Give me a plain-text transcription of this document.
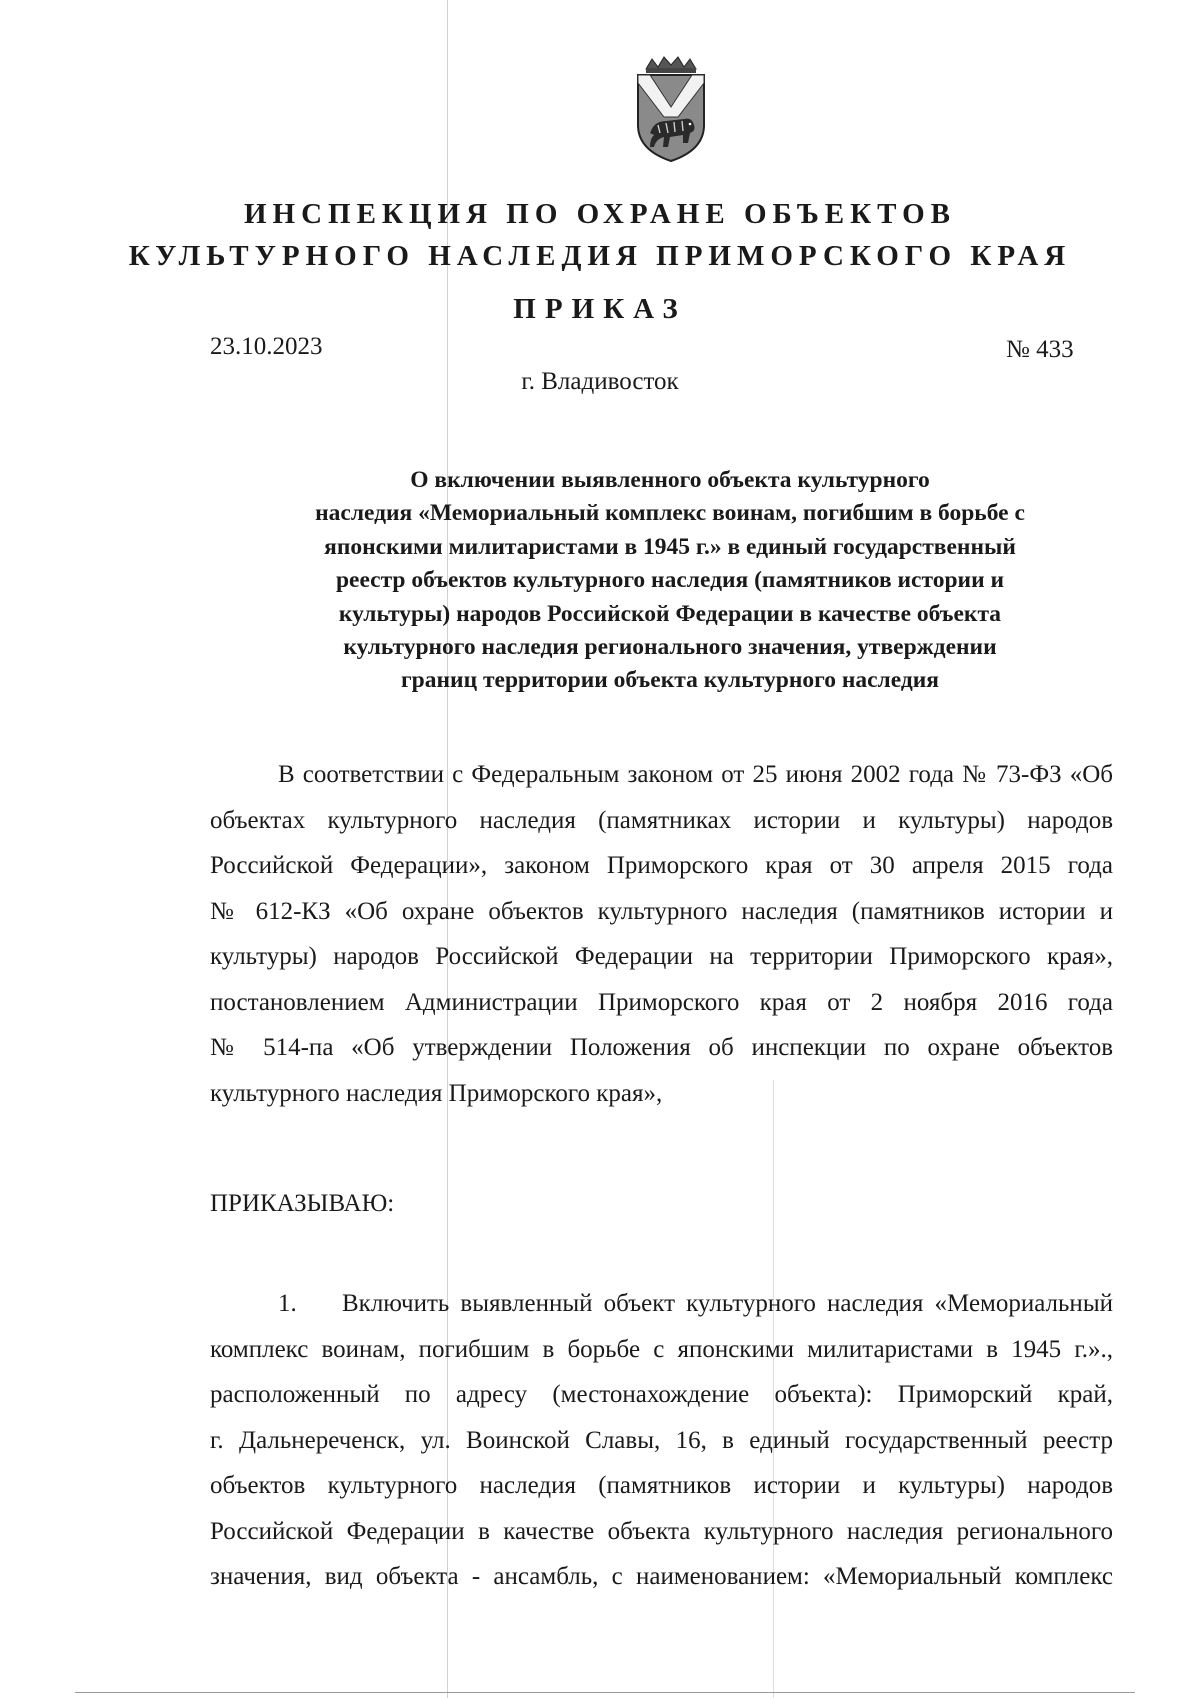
ИНСПЕКЦИЯ ПО ОХРАНЕ ОБЪЕКТОВ
КУЛЬТУРНОГО НАСЛЕДИЯ ПРИМОРСКОГО КРАЯ
ПРИКАЗ
23.10.2023	№ 433
г. Владивосток
О включении выявленного объекта культурного
наследия «Мемориальный комплекс воинам, погибшим в борьбе с
японскими милитаристами в 1945 г.» в единый государственный
реестр объектов культурного наследия (памятников истории и
культуры) народов Российской Федерации в качестве объекта
культурного наследия регионального значения, утверждении
границ территории объекта культурного наследия
В соответствии с Федеральным законом от 25 июня 2002 года № 73-ФЗ «Об
объектах культурного наследия (памятниках истории и культуры) народов
Российской Федерации», законом Приморского края от 30 апреля 2015 года
№ 612-КЗ «Об охране объектов культурного наследия (памятников истории и
культуры) народов Российской Федерации на территории Приморского края»,
постановлением Администрации Приморского края от 2 ноября 2016 года
№ 514-па «Об утверждении Положения об инспекции по охране объектов
культурного наследия Приморского края»,
ПРИКАЗЫВАЮ:
1. Включить выявленный объект культурного наследия «Мемориальный
комплекс воинам, погибшим в борьбе с японскими милитаристами в 1945 г.».,
расположенный по адресу (местонахождение объекта): Приморский край,
г. Дальнереченск, ул. Воинской Славы, 16, в единый государственный реестр
объектов культурного наследия (памятников истории и культуры) народов
Российской Федерации в качестве объекта культурного наследия регионального
значения, вид объекта - ансамбль, с наименованием: «Мемориальный комплекс
